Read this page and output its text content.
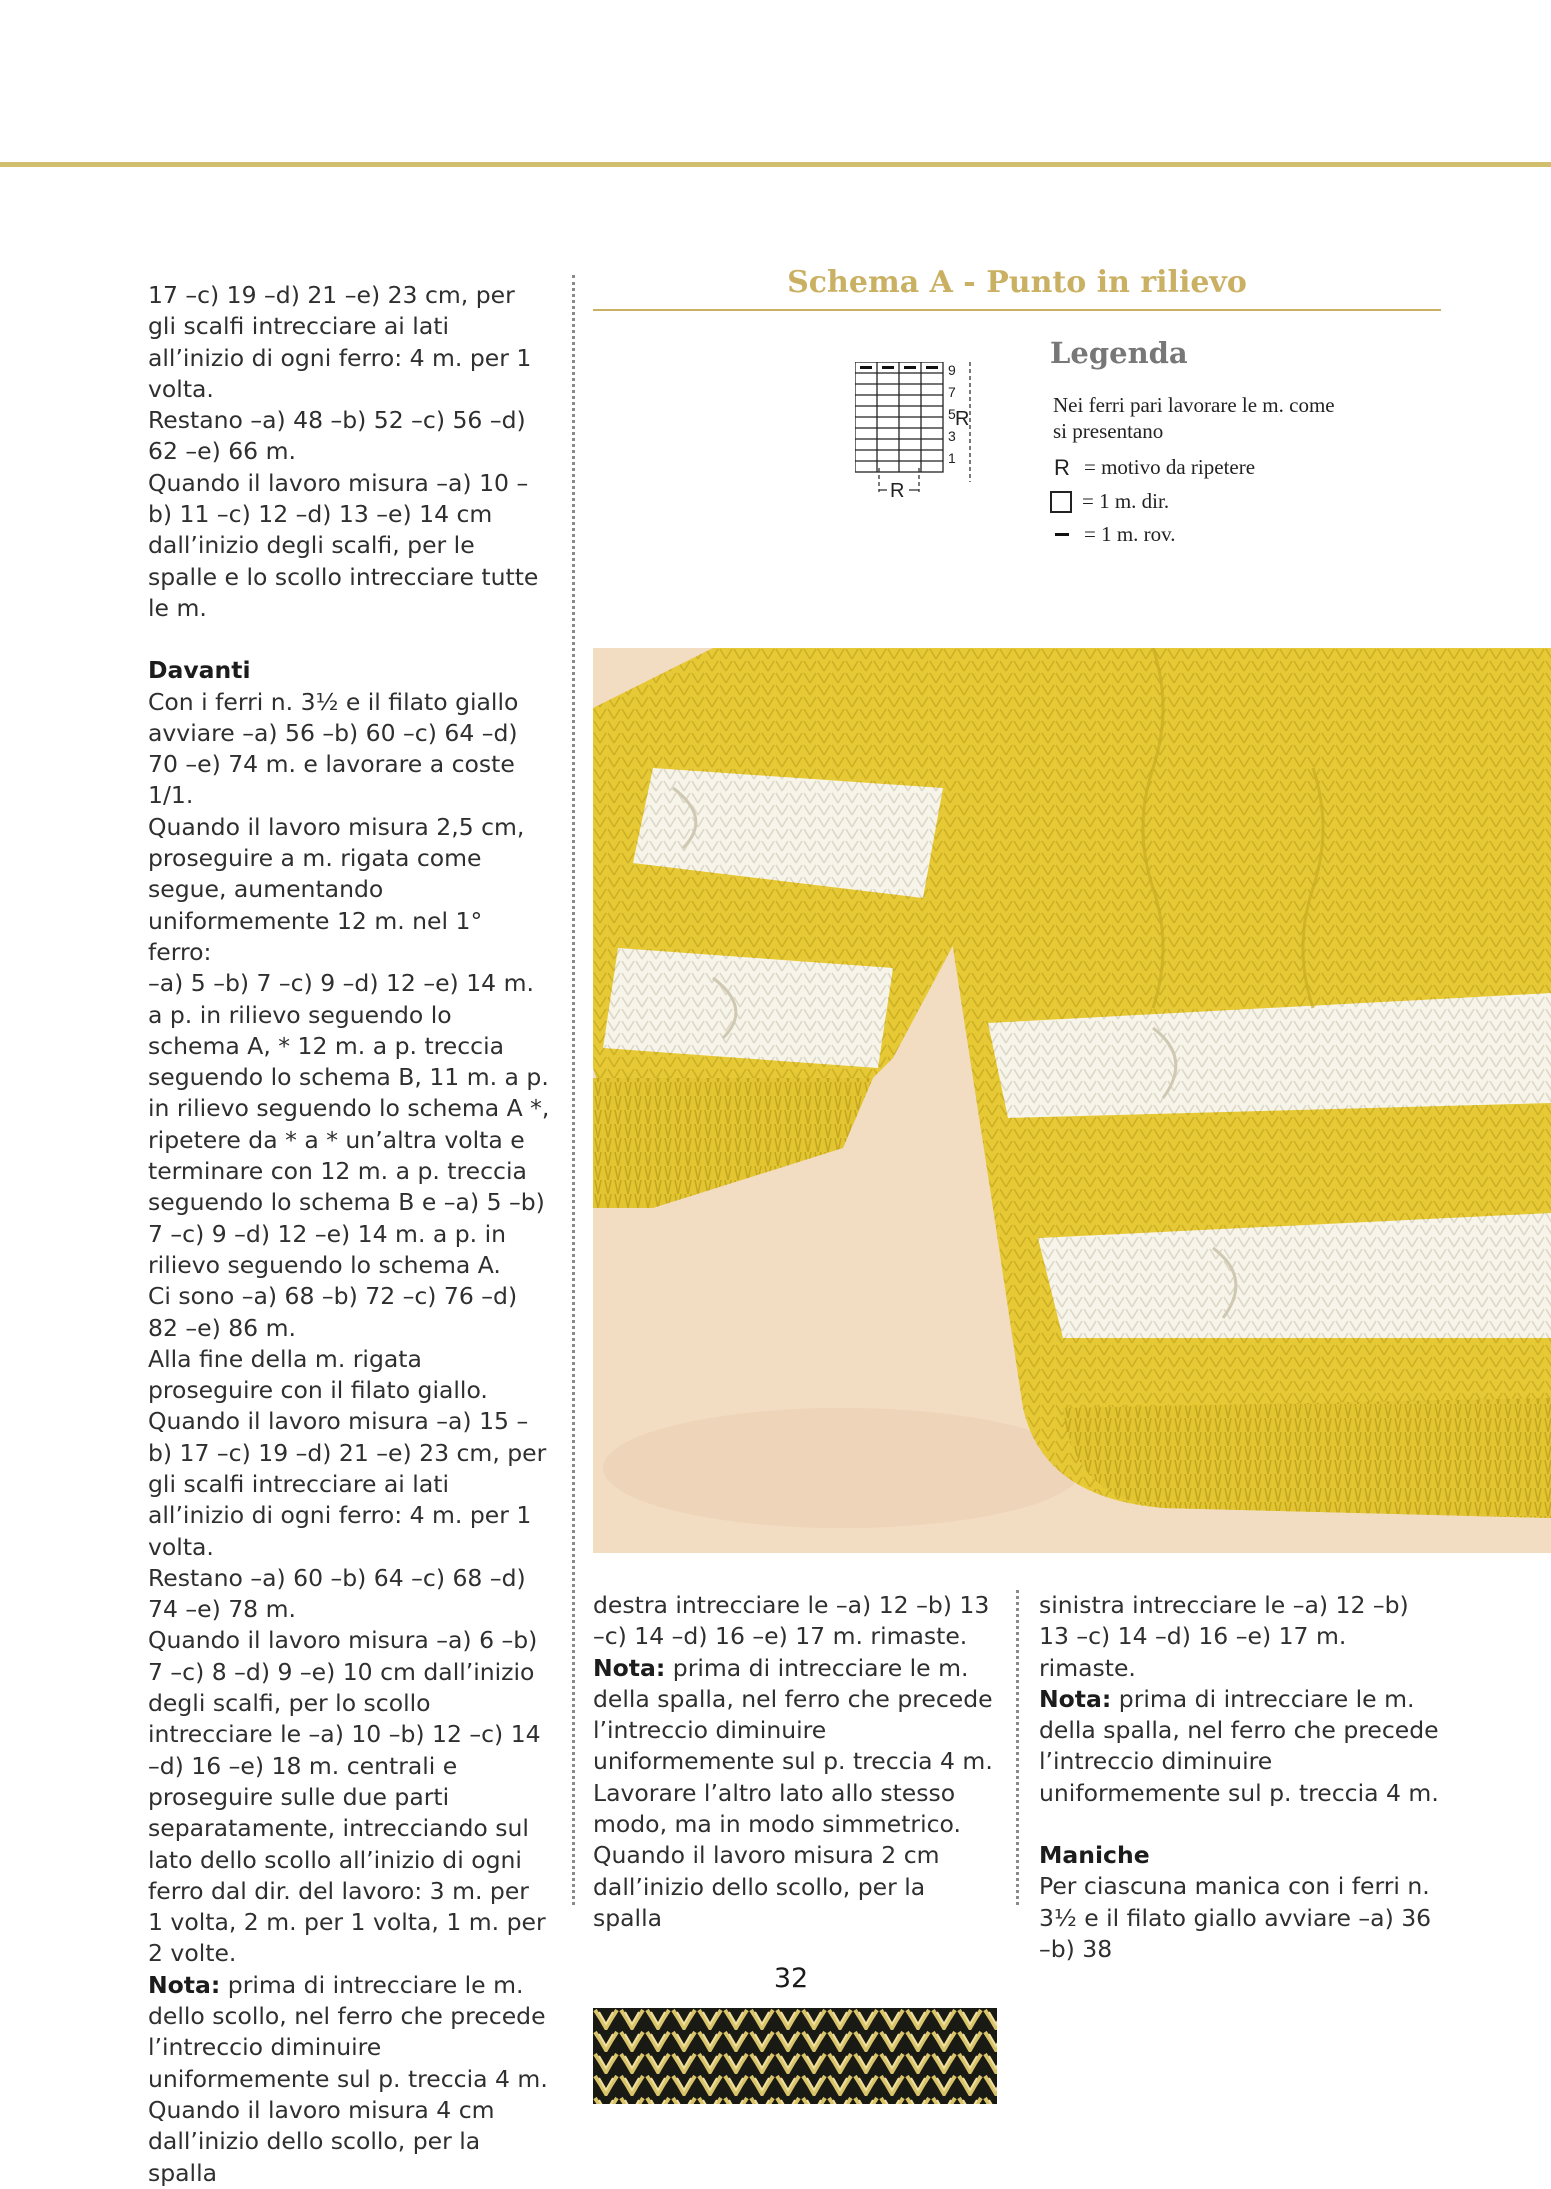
17 –c) 19 –d) 21 –e) 23 cm, per gli scalfi intrecciare ai lati all’inizio di ogni ferro: 4 m. per 1 volta.

Restano –a) 48 –b) 52 –c) 56 –d) 62 –e) 66 m.

Quando il lavoro misura –a) 10 –b) 11 –c) 12 –d) 13 –e) 14 cm dall’inizio degli scalfi, per le spalle e lo scollo intrecciare tutte le m.

Davanti

Con i ferri n. 3½ e il filato giallo avviare –a) 56 –b) 60 –c) 64 –d) 70 –e) 74 m. e lavorare a coste 1/1.

Quando il lavoro misura 2,5 cm, proseguire a m. rigata come segue, aumentando uniformemente 12 m. nel 1° ferro:

–a) 5 –b) 7 –c) 9 –d) 12 –e) 14 m. a p. in rilievo seguendo lo schema A, * 12 m. a p. treccia seguendo lo schema B, 11 m. a p. in rilievo seguendo lo schema A *, ripetere da * a * un’altra volta e terminare con 12 m. a p. treccia seguendo lo schema B e –a) 5 –b) 7 –c) 9 –d) 12 –e) 14 m. a p. in rilievo seguendo lo schema A.

Ci sono –a) 68 –b) 72 –c) 76 –d) 82 –e) 86 m.

Alla fine della m. rigata proseguire con il filato giallo.

Quando il lavoro misura –a) 15 –b) 17 –c) 19 –d) 21 –e) 23 cm, per gli scalfi intrecciare ai lati all’inizio di ogni ferro: 4 m. per 1 volta.

Restano –a) 60 –b) 64 –c) 68 –d) 74 –e) 78 m.

Quando il lavoro misura –a) 6 –b) 7 –c) 8 –d) 9 –e) 10 cm dall’inizio degli scalfi, per lo scollo intrecciare le –a) 10 –b) 12 –c) 14 –d) 16 –e) 18 m. centrali e proseguire sulle due parti separatamente, intrecciando sul lato dello scollo all’inizio di ogni ferro dal dir. del lavoro: 3 m. per 1 volta, 2 m. per 1 volta, 1 m. per 2 volte.

Nota: prima di intrecciare le m. dello scollo, nel ferro che precede l’intreccio diminuire uniformemente sul p. treccia 4 m.

Quando il lavoro misura 4 cm dall’inizio dello scollo, per la spalla

Schema A - Punto in rilievo
9
7
5
3
1
R
R
Legenda
Nei ferri pari lavorare le m. come si presentano
R = motivo da ripetere
= 1 m. dir.
= 1 m. rov.

destra intrecciare le –a) 12 –b) 13 –c) 14 –d) 16 –e) 17 m. rimaste.

Nota: prima di intrecciare le m. della spalla, nel ferro che precede l’intreccio diminuire uniformemente sul p. treccia 4 m.

Lavorare l’altro lato allo stesso modo, ma in modo simmetrico.

Quando il lavoro misura 2 cm dall’inizio dello scollo, per la spalla

sinistra intrecciare le –a) 12 –b) 13 –c) 14 –d) 16 –e) 17 m. rimaste.

Nota: prima di intrecciare le m. della spalla, nel ferro che precede l’intreccio diminuire uniformemente sul p. treccia 4 m.

Maniche

Per ciascuna manica con i ferri n. 3½ e il filato giallo avviare –a) 36 –b) 38

32
